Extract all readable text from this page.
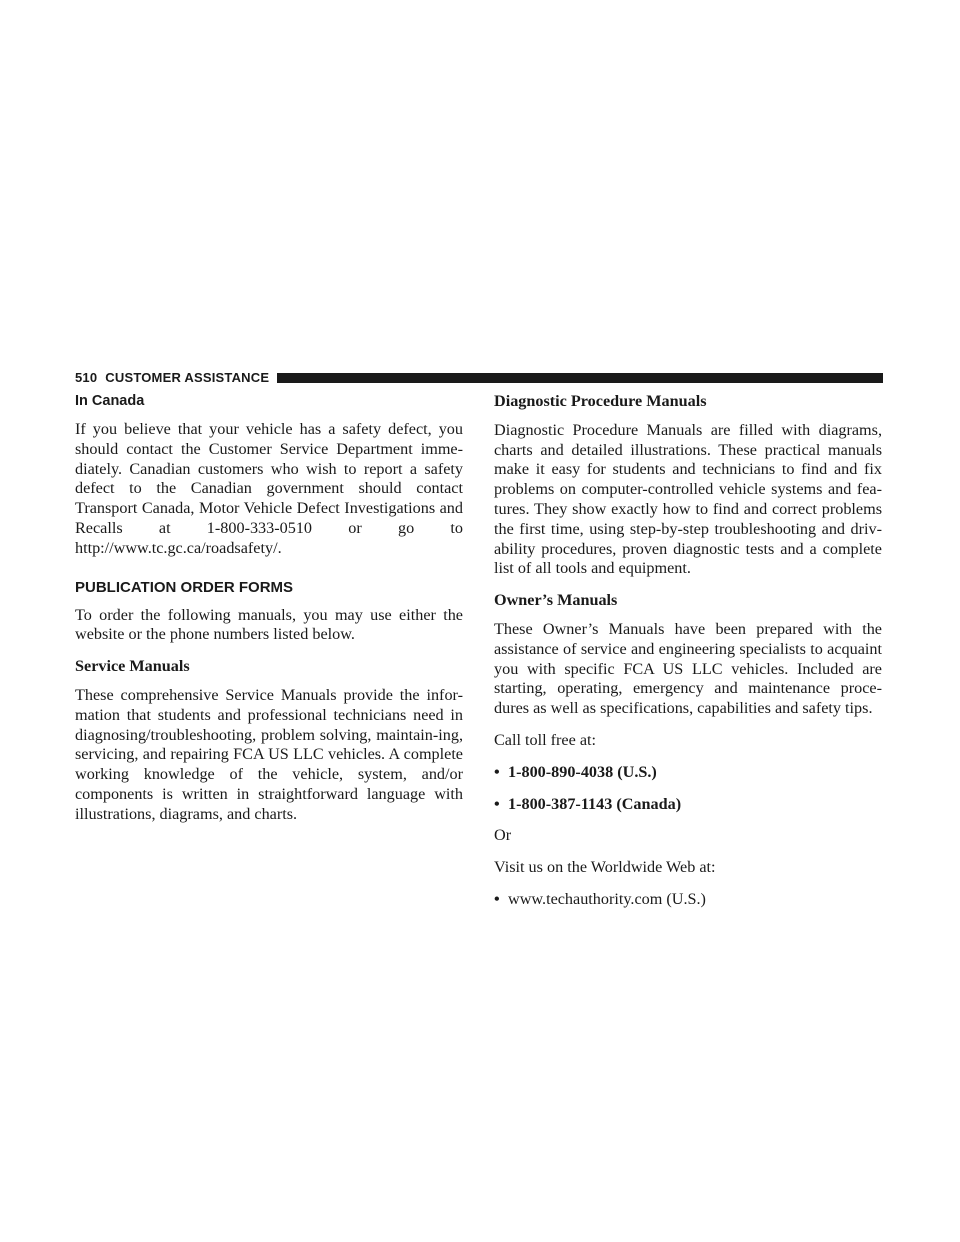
510 CUSTOMER ASSISTANCE
In Canada

If you believe that your vehicle has a safety defect, you should contact the Customer Service Department imme-diately. Canadian customers who wish to report a safety defect to the Canadian government should contact Transport Canada, Motor Vehicle Defect Investigations and Recalls at 1-800-333-0510 or go to http://www.tc.gc.ca/roadsafety/.

PUBLICATION ORDER FORMS

To order the following manuals, you may use either the website or the phone numbers listed below.

Service Manuals

These comprehensive Service Manuals provide the infor-mation that students and professional technicians need in diagnosing/troubleshooting, problem solving, maintain-ing, servicing, and repairing FCA US LLC vehicles. A complete working knowledge of the vehicle, system, and/or components is written in straightforward language with illustrations, diagrams, and charts.

Diagnostic Procedure Manuals

Diagnostic Procedure Manuals are filled with diagrams, charts and detailed illustrations. These practical manuals make it easy for students and technicians to find and fix problems on computer-controlled vehicle systems and fea-tures. They show exactly how to find and correct problems the first time, using step-by-step troubleshooting and driv-ability procedures, proven diagnostic tests and a complete list of all tools and equipment.

Owner’s Manuals

These Owner’s Manuals have been prepared with the assistance of service and engineering specialists to acquaint you with specific FCA US LLC vehicles. Included are starting, operating, emergency and maintenance proce-dures as well as specifications, capabilities and safety tips.

Call toll free at:

• 1-800-890-4038 (U.S.)
• 1-800-387-1143 (Canada)

Or

Visit us on the Worldwide Web at:

• www.techauthority.com (U.S.)
